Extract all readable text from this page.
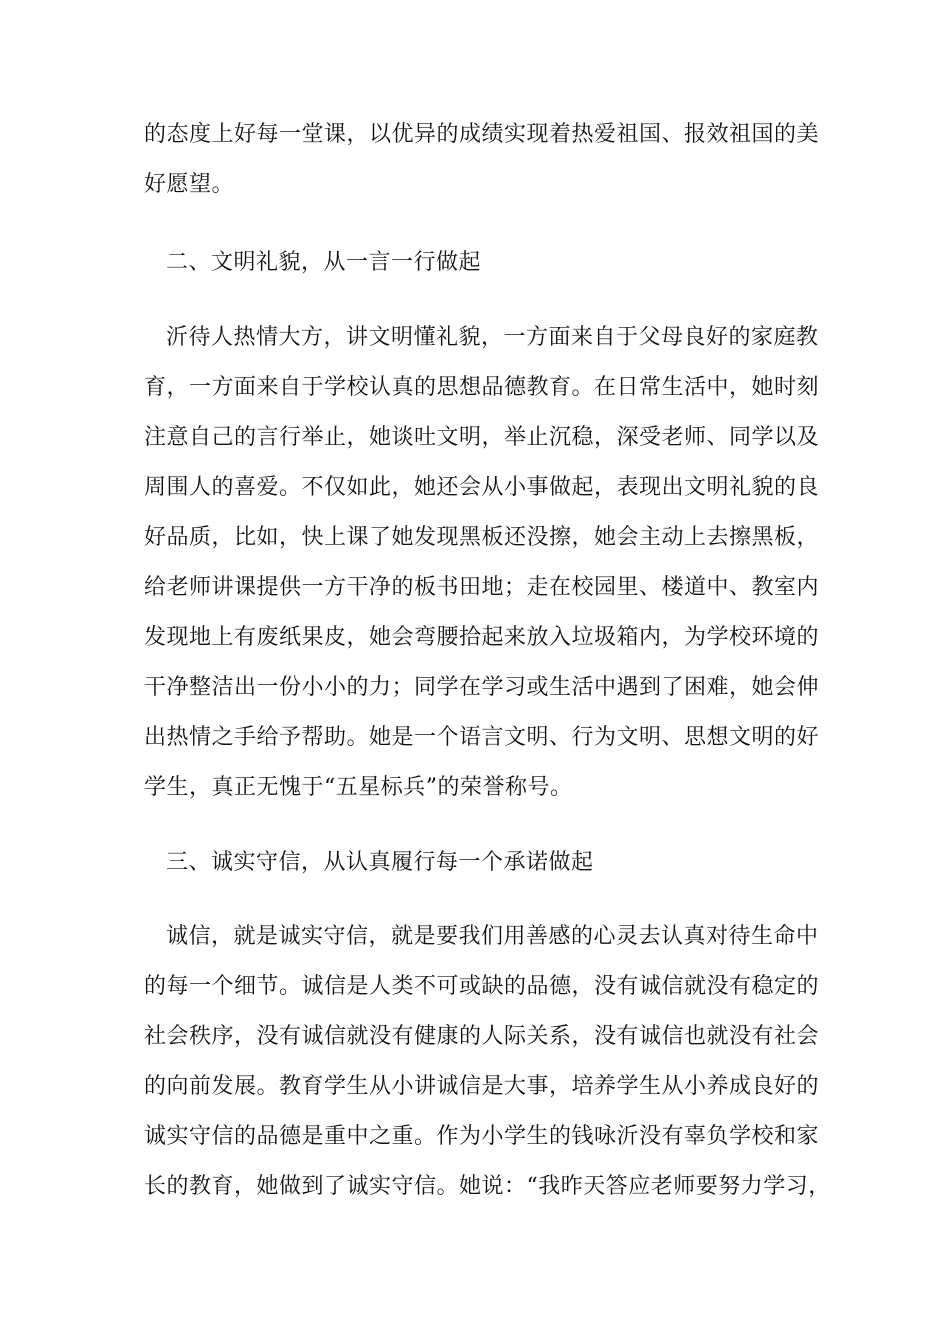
的态度上好每一堂课，以优异的成绩实现着热爱祖国、报效祖国的美
好愿望。
二、文明礼貌，从一言一行做起
沂待人热情大方，讲文明懂礼貌，一方面来自于父母良好的家庭教
育，一方面来自于学校认真的思想品德教育。在日常生活中，她时刻
注意自己的言行举止，她谈吐文明，举止沉稳，深受老师、同学以及
周围人的喜爱。不仅如此，她还会从小事做起，表现出文明礼貌的良
好品质，比如，快上课了她发现黑板还没擦，她会主动上去擦黑板，
给老师讲课提供一方干净的板书田地；走在校园里、楼道中、教室内
发现地上有废纸果皮，她会弯腰拾起来放入垃圾箱内，为学校环境的
干净整洁出一份小小的力；同学在学习或生活中遇到了困难，她会伸
出热情之手给予帮助。她是一个语言文明、行为文明、思想文明的好
学生，真正无愧于“五星标兵”的荣誉称号。
三、诚实守信，从认真履行每一个承诺做起
诚信，就是诚实守信，就是要我们用善感的心灵去认真对待生命中
的每一个细节。诚信是人类不可或缺的品德，没有诚信就没有稳定的
社会秩序，没有诚信就没有健康的人际关系，没有诚信也就没有社会
的向前发展。教育学生从小讲诚信是大事，培养学生从小养成良好的
诚实守信的品德是重中之重。作为小学生的钱咏沂没有辜负学校和家
长的教育，她做到了诚实守信。她说：“我昨天答应老师要努力学习，
